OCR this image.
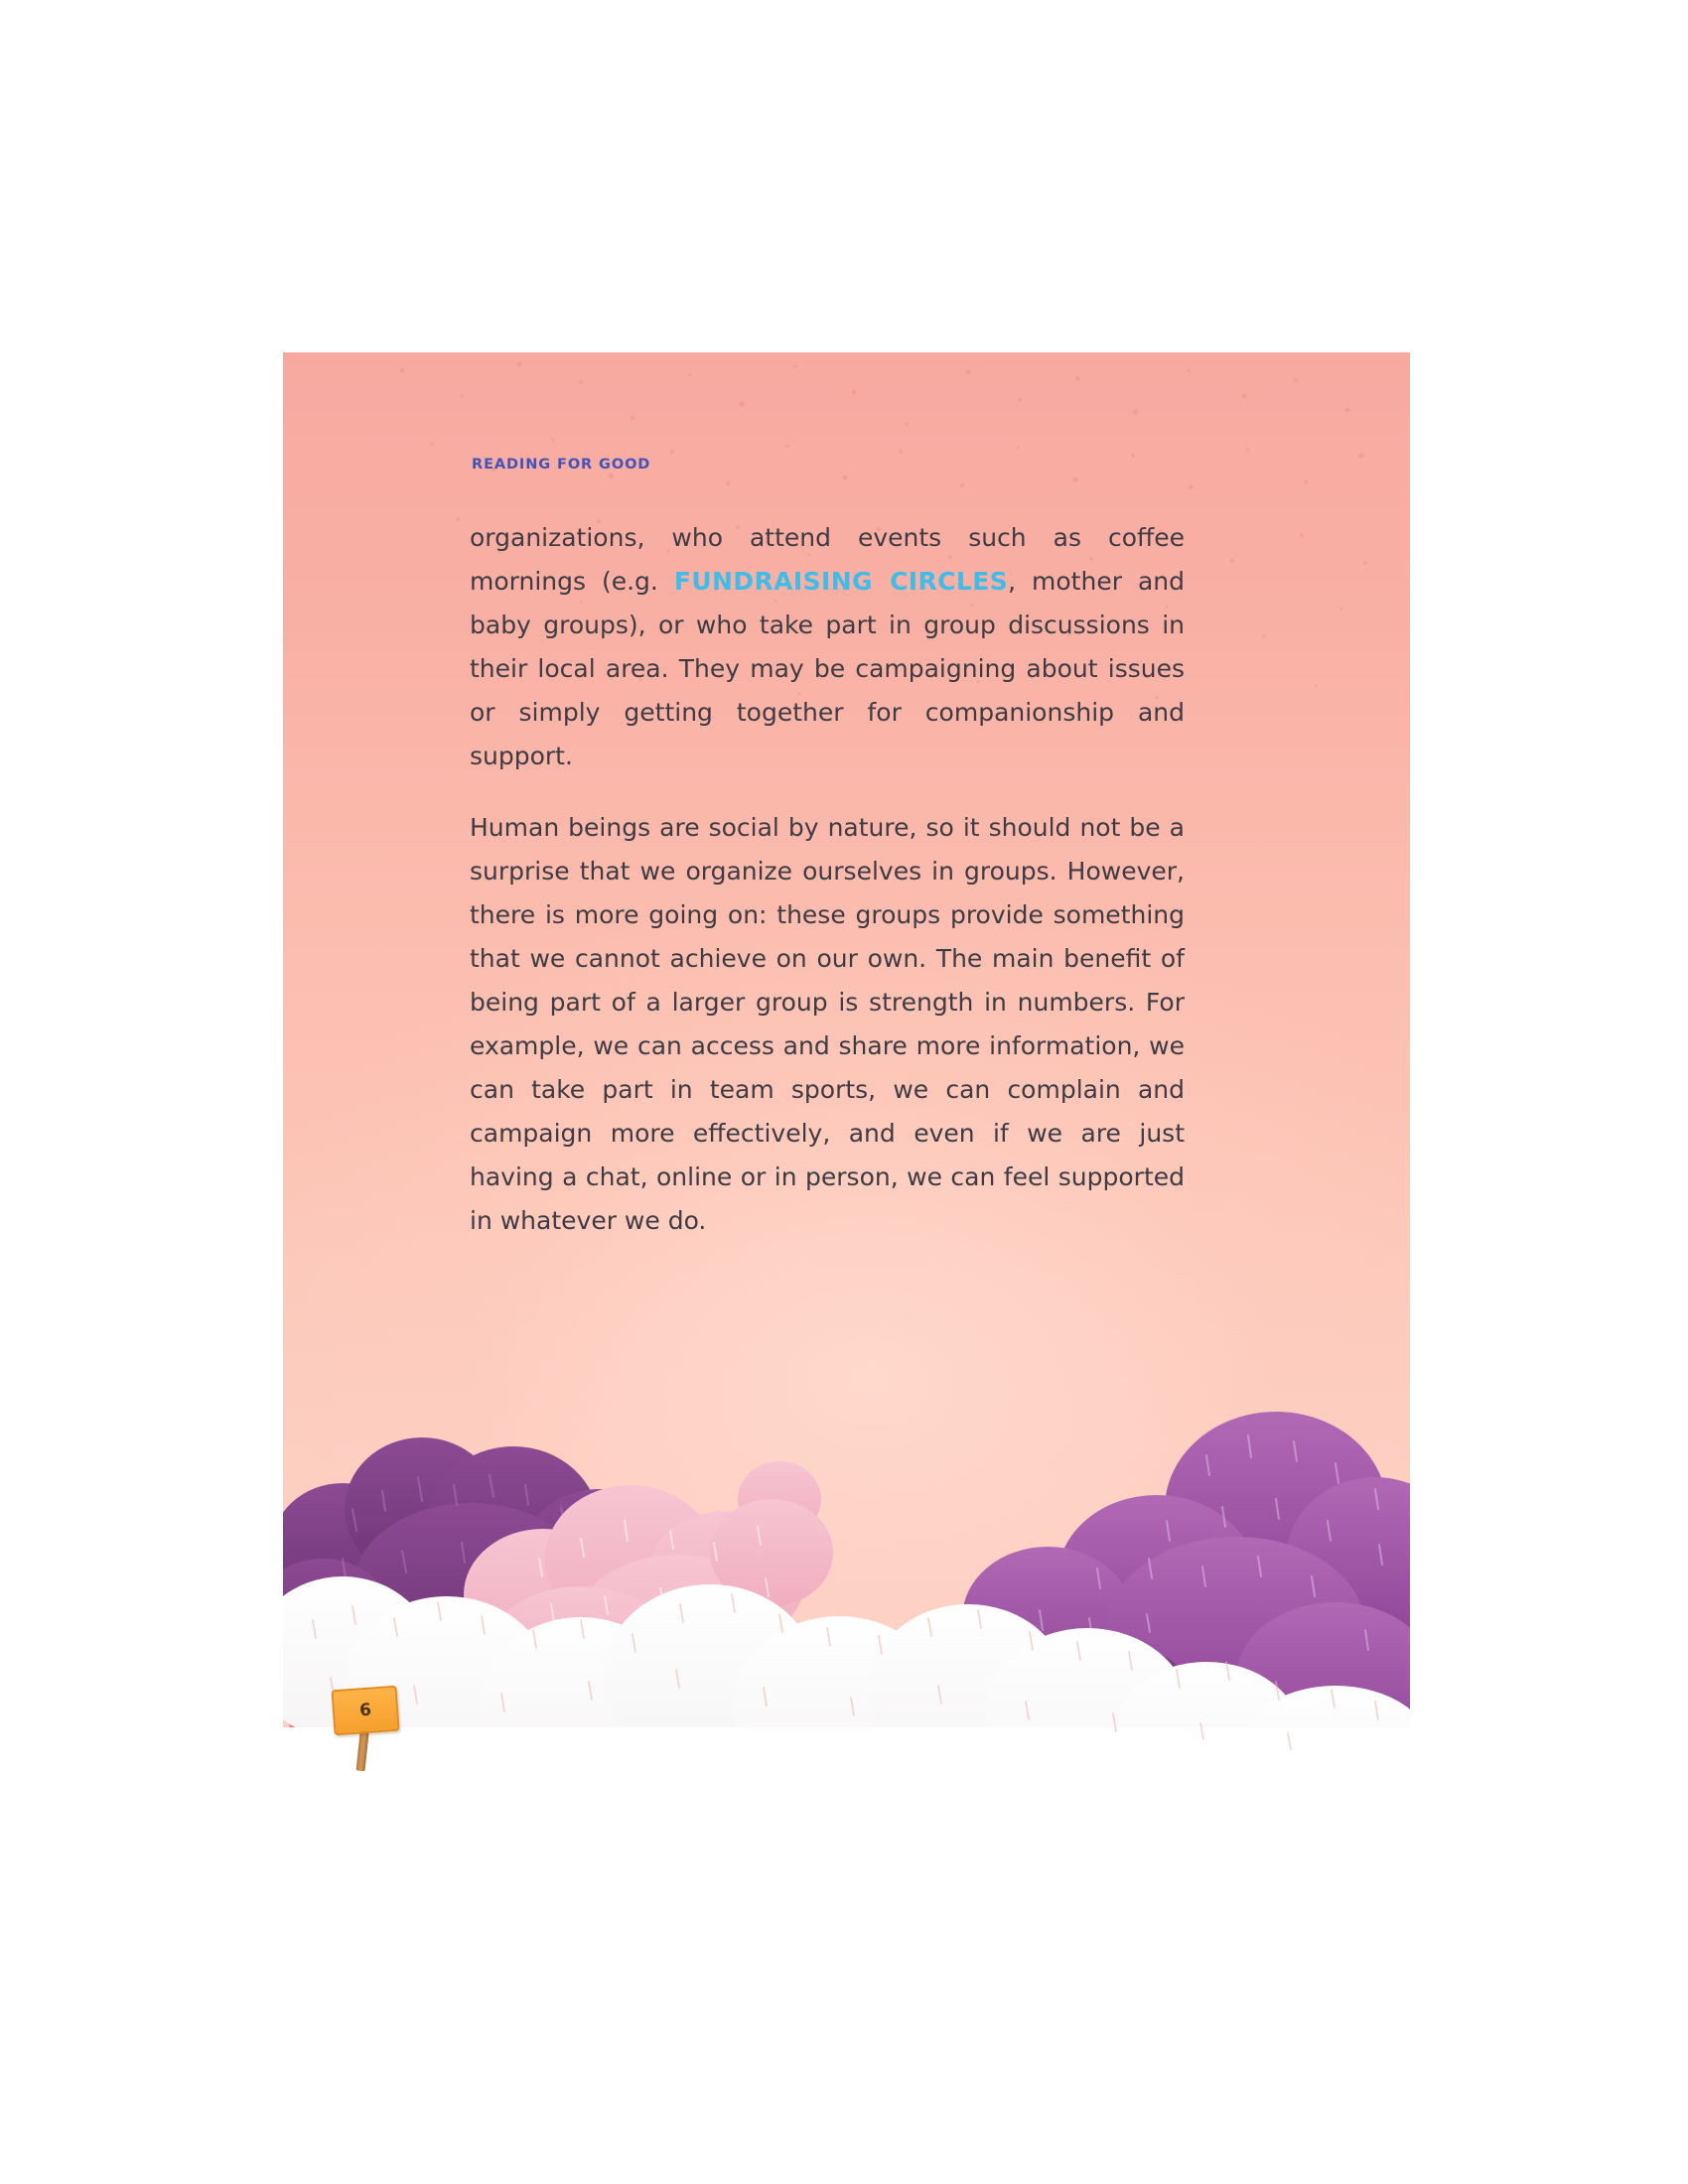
READING FOR GOOD

organizations, who attend events such as coffee mornings (e.g. FUNDRAISING CIRCLES, mother and baby groups), or who take part in group discussions in their local area. They may be campaigning about issues or simply getting together for companionship and support.

Human beings are social by nature, so it should not be a surprise that we organize ourselves in groups. However, there is more going on: these groups provide something that we cannot achieve on our own. The main benefit of being part of a larger group is strength in numbers. For example, we can access and share more information, we can take part in team sports, we can complain and campaign more effectively, and even if we are just having a chat, online or in person, we can feel supported in whatever we do.

6
